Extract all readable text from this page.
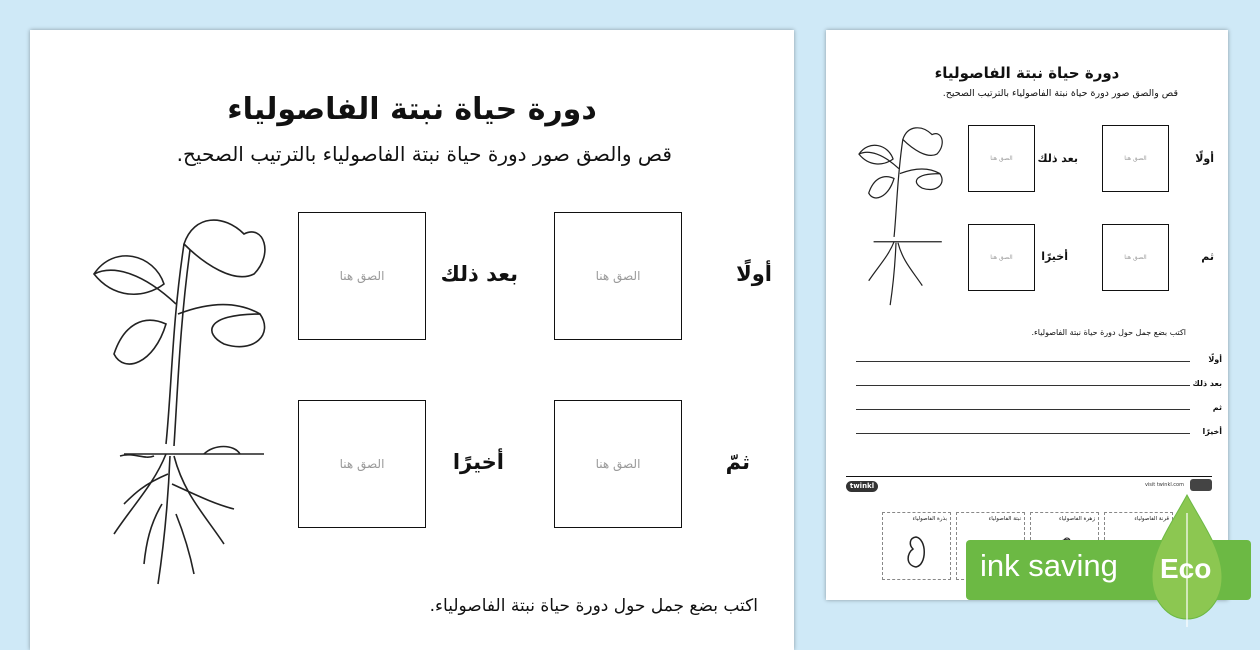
دورة حياة نبتة الفاصولياء
قص والصق صور دورة حياة نبتة الفاصولياء بالترتيب الصحيح.
الصق هنا
الصق هنا
الصق هنا
الصق هنا
أولًا
بعد ذلك
ثمّ
أخيرًا
اكتب بضع جمل حول دورة حياة نبتة الفاصولياء.
دورة حياة نبتة الفاصولياء
قص والصق صور دورة حياة نبتة الفاصولياء بالترتيب الصحيح.
الصق هنا
الصق هنا
الصق هنا
الصق هنا
أولًا
بعد ذلك
ثم
أخيرًا
اكتب بضع جمل حول دورة حياة نبتة الفاصولياء.
أولًا
بعد ذلك
ثم
أخيرًا
twinkl	visit twinkl.com
بذرة الفاصولياء	نبتة الفاصولياء	زهرة الفاصولياء	قرنة الفاصولياء
ink saving Eco
